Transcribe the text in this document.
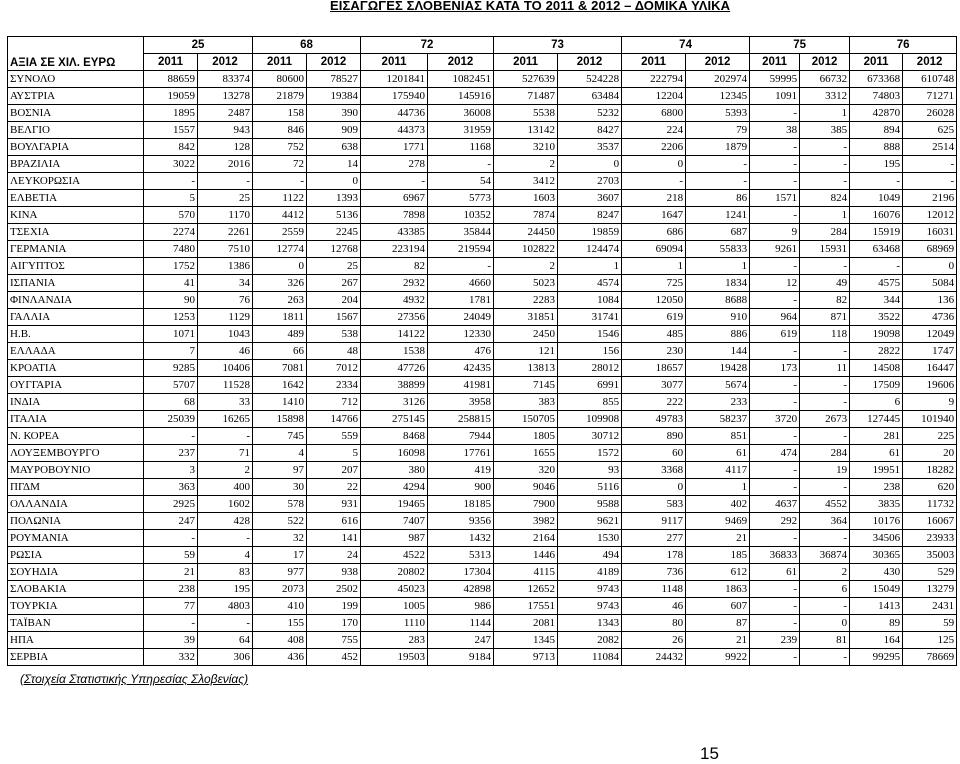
ΕΙΣΑΓΩΓΕΣ ΣΛΟΒΕΝΙΑΣ ΚΑΤΑ ΤΟ 2011 & 2012 – ΔΟΜΙΚΑ ΥΛΙΚΑ
ΑΞΙΑ ΣΕ ΧΙΛ. ΕΥΡΩ	25		68		72		73		74		75		76	
	2011	2012	2011	2012	2011	2012	2011	2012	2011	2012	2011	2012	2011	2012
ΣΥΝΟΛΟ	88659	83374	80600	78527	1201841	1082451	527639	524228	222794	202974	59995	66732	673368	610748
ΑΥΣΤΡΙΑ	19059	13278	21879	19384	175940	145916	71487	63484	12204	12345	1091	3312	74803	71271
ΒΟΣΝΙΑ	1895	2487	158	390	44736	36008	5538	5232	6800	5393	-	1	42870	26028
ΒΕΛΓΙΟ	1557	943	846	909	44373	31959	13142	8427	224	79	38	385	894	625
ΒΟΥΛΓΑΡΙΑ	842	128	752	638	1771	1168	3210	3537	2206	1879	-	-	888	2514
ΒΡΑΖΙΛΙΑ	3022	2016	72	14	278	-	2	0	0	-	-	-	195	-
ΛΕΥΚΟΡΩΣΙΑ	-	-	-	0	-	54	3412	2703	-	-	-	-	-	-
ΕΛΒΕΤΙΑ	5	25	1122	1393	6967	5773	1603	3607	218	86	1571	824	1049	2196
ΚΙΝΑ	570	1170	4412	5136	7898	10352	7874	8247	1647	1241	-	1	16076	12012
ΤΣΕΧΙΑ	2274	2261	2559	2245	43385	35844	24450	19859	686	687	9	284	15919	16031
ΓΕΡΜΑΝΙΑ	7480	7510	12774	12768	223194	219594	102822	124474	69094	55833	9261	15931	63468	68969
ΑΙΓΥΠΤΟΣ	1752	1386	0	25	82	-	2	1	1	1	-	-	-	0
ΙΣΠΑΝΙΑ	41	34	326	267	2932	4660	5023	4574	725	1834	12	49	4575	5084
ΦΙΝΛΑΝΔΙΑ	90	76	263	204	4932	1781	2283	1084	12050	8688	-	82	344	136
ΓΑΛΛΙΑ	1253	1129	1811	1567	27356	24049	31851	31741	619	910	964	871	3522	4736
Η.Β.	1071	1043	489	538	14122	12330	2450	1546	485	886	619	118	19098	12049
ΕΛΛΑΔΑ	7	46	66	48	1538	476	121	156	230	144	-	-	2822	1747
ΚΡΟΑΤΙΑ	9285	10406	7081	7012	47726	42435	13813	28012	18657	19428	173	11	14508	16447
ΟΥΓΓΑΡΙΑ	5707	11528	1642	2334	38899	41981	7145	6991	3077	5674	-	-	17509	19606
ΙΝΔΙΑ	68	33	1410	712	3126	3958	383	855	222	233	-	-	6	9
ΙΤΑΛΙΑ	25039	16265	15898	14766	275145	258815	150705	109908	49783	58237	3720	2673	127445	101940
Ν. ΚΟΡΕΑ	-	-	745	559	8468	7944	1805	30712	890	851	-	-	281	225
ΛΟΥΞΕΜΒΟΥΡΓΟ	237	71	4	5	16098	17761	1655	1572	60	61	474	284	61	20
ΜΑΥΡΟΒΟΥΝΙΟ	3	2	97	207	380	419	320	93	3368	4117	-	19	19951	18282
ΠΓΔΜ	363	400	30	22	4294	900	9046	5116	0	1	-	-	238	620
ΟΛΛΑΝΔΙΑ	2925	1602	578	931	19465	18185	7900	9588	583	402	4637	4552	3835	11732
ΠΟΛΩΝΙΑ	247	428	522	616	7407	9356	3982	9621	9117	9469	292	364	10176	16067
ΡΟΥΜΑΝΙΑ	-	-	32	141	987	1432	2164	1530	277	21	-	-	34506	23933
ΡΩΣΙΑ	59	4	17	24	4522	5313	1446	494	178	185	36833	36874	30365	35003
ΣΟΥΗΔΙΑ	21	83	977	938	20802	17304	4115	4189	736	612	61	2	430	529
ΣΛΟΒΑΚΙΑ	238	195	2073	2502	45023	42898	12652	9743	1148	1863	-	6	15049	13279
ΤΟΥΡΚΙΑ	77	4803	410	199	1005	986	17551	9743	46	607	-	-	1413	2431
ΤΑΪΒΑΝ	-	-	155	170	1110	1144	2081	1343	80	87	-	0	89	59
ΗΠΑ	39	64	408	755	283	247	1345	2082	26	21	239	81	164	125
ΣΕΡΒΙΑ	332	306	436	452	19503	9184	9713	11084	24432	9922	-	-	99295	78669
(Στοιχεία Στατιστικής Υπηρεσίας Σλοβενίας)
15
